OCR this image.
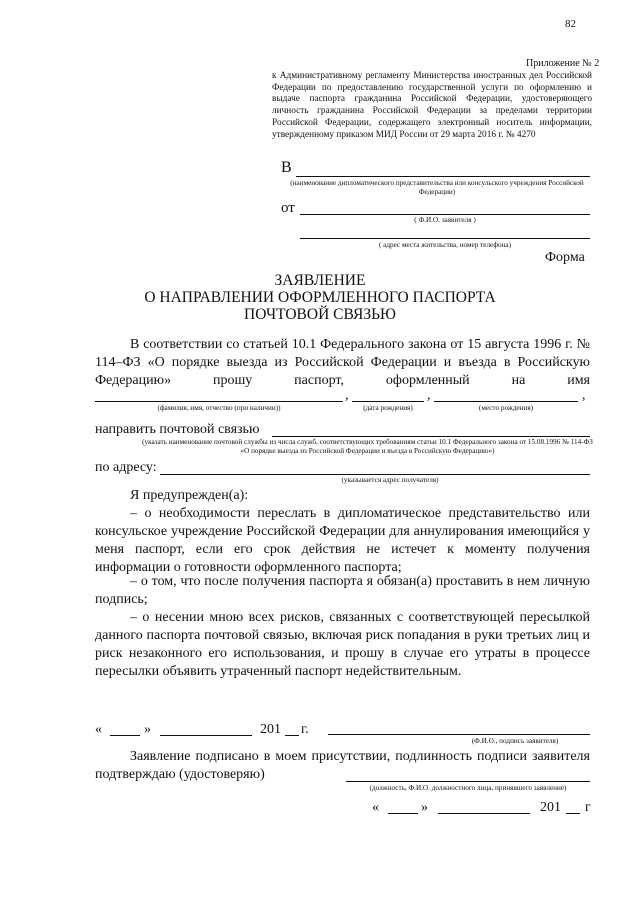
82
Приложение № 2
к Административному регламенту Министерства иностранных дел Российской Федерации по предоставлению государственной услуги по оформлению и выдаче паспорта гражданина Российской Федерации, удостоверяющего личность гражданина Российской Федерации за пределами территории Российской Федерации, содержащего электронный носитель информации, утвержденному приказом МИД России от 29 марта 2016 г. № 4270
В
(наименование дипломатического представительства или консульского учреждения Российской Федерации)
от
( Ф.И.О. заявителя )
( адрес места жительства, номер телефона)
Форма
ЗАЯВЛЕНИЕ
О НАПРАВЛЕНИИ ОФОРМЛЕННОГО ПАСПОРТА
ПОЧТОВОЙ СВЯЗЬЮ
В соответствии со статьей 10.1 Федерального закона от 15 августа 1996 г. № 114–ФЗ «О порядке выезда из Российской Федерации и въезда в Российскую Федерацию» прошу паспорт, оформленный на имя
,	,	,
(фамилия, имя, отчество (при наличии))	(дата рождения)	(место рождения)
направить почтовой связью
(указать наименование почтовой службы из числа служб, соответствующих требованиям статьи 10.1 Федерального закона от 15.08.1996 № 114-ФЗ «О порядке выезда из Российской Федерации и въезда в Российскую Федерацию»)
по адресу:
(указывается адрес получателя)
Я предупрежден(а):
– о необходимости переслать в дипломатическое представительство или консульское учреждение Российской Федерации для аннулирования имеющийся у меня паспорт, если его срок действия не истечет к моменту получения информации о готовности оформленного паспорта;
– о том, что после получения паспорта я обязан(а) проставить в нем личную подпись;
– о несении мною всех рисков, связанных с соответствующей пересылкой данного паспорта почтовой связью, включая риск попадания в руки третьих лиц и риск незаконного его использования, и прошу в случае его утраты в процессе пересылки объявить утраченный паспорт недействительным.
«	»	201 г.
(Ф.И.О., подпись заявителя)
Заявление подписано в моем присутствии, подлинность подписи заявителя подтверждаю (удостоверяю)
(должность, Ф.И.О. должностного лица, принявшего заявление)
«	»	201 г
